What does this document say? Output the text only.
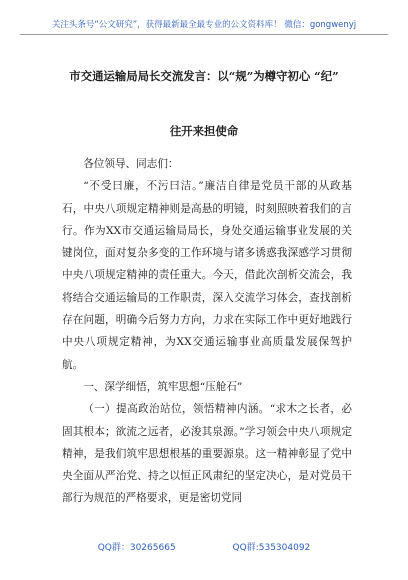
关注头条号“公文研究”，获得最新最全最专业的公文资料库！ 微信：gongwenyj
市交通运输局局长交流发言：以“规”为樽守初心 “纪”
往开来担使命

各位领导、同志们：

“不受曰廉，不污曰洁。”廉洁自律是党员干部的从政基石，中央八项规定精神则是高悬的明镜，时刻照映着我们的言行。作为XX市交通运输局局长，身处交通运输事业发展的关键岗位，面对复杂多变的工作环境与诸多诱惑我深感学习贯彻中央八项规定精神的责任重大。今天，借此次剖析交流会，我将结合交通运输局的工作职责，深入交流学习体会，查找剖析存在问题，明确今后努力方向，力求在实际工作中更好地践行中央八项规定精神，为XX交通运输事业高质量发展保驾护航。

一、深学细悟，筑牢思想“压舱石”

（一）提高政治站位，领悟精神内涵。“求木之长者，必固其根本；欲流之远者，必浚其泉源。”学习领会中央八项规定精神，是我们筑牢思想根基的重要源泉。这一精神彰显了党中央全面从严治党、持之以恒正风肃纪的坚定决心，是对党员干部行为规范的严格要求，更是密切党同

QQ群：30265665	QQ群:535304092
